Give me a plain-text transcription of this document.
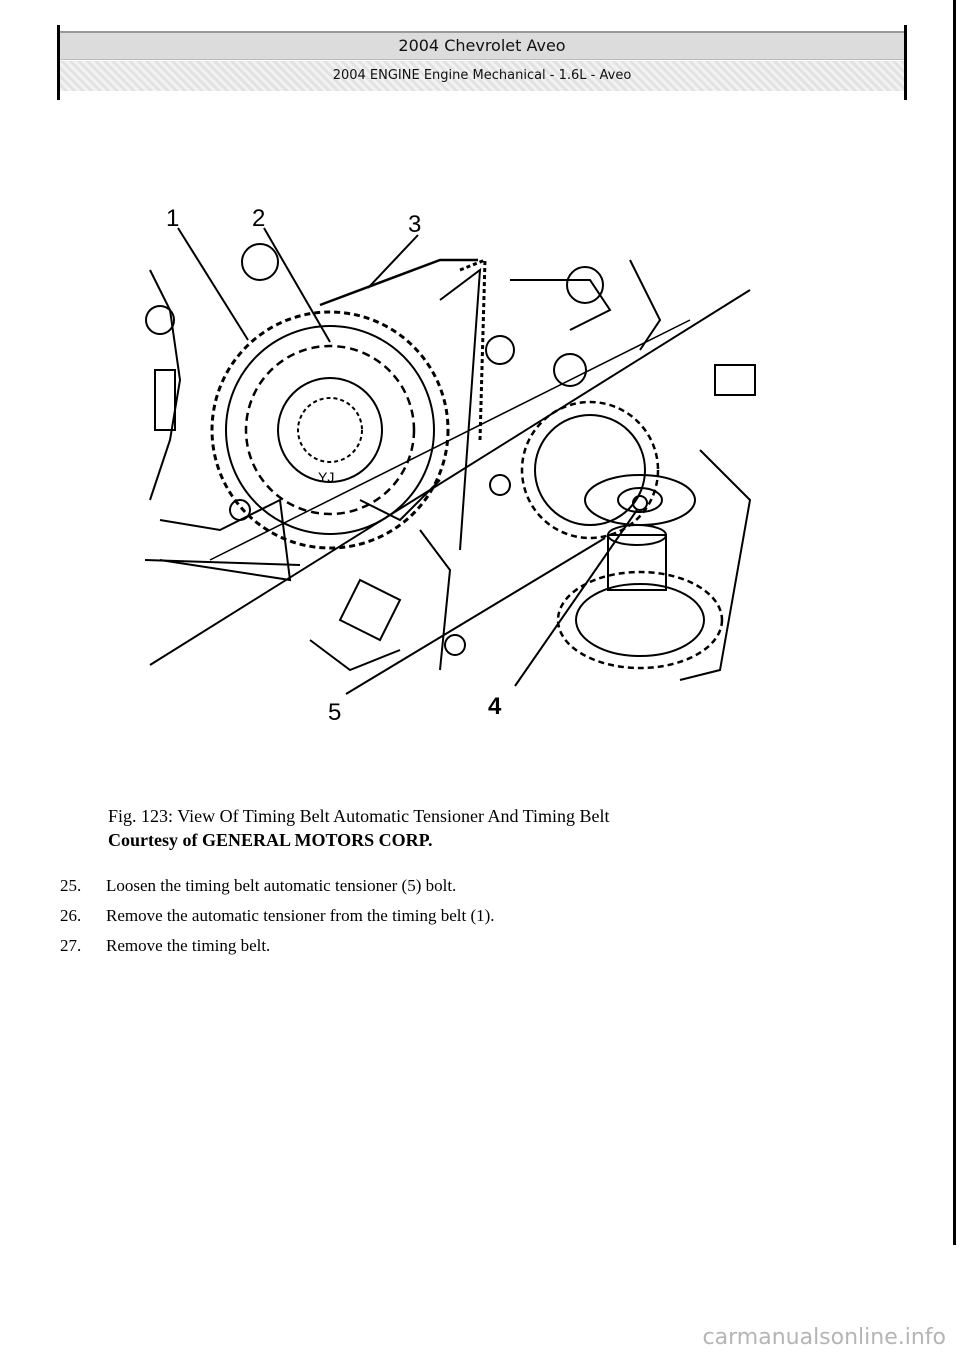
2004 Chevrolet Aveo
2004 ENGINE Engine Mechanical - 1.6L - Aveo
1	2	3
4
5
YJ
Fig. 123: View Of Timing Belt Automatic Tensioner And Timing Belt
Courtesy of GENERAL MOTORS CORP.
25.	Loosen the timing belt automatic tensioner (5) bolt.
26.	Remove the automatic tensioner from the timing belt (1).
27.	Remove the timing belt.
carmanualsonline.info
